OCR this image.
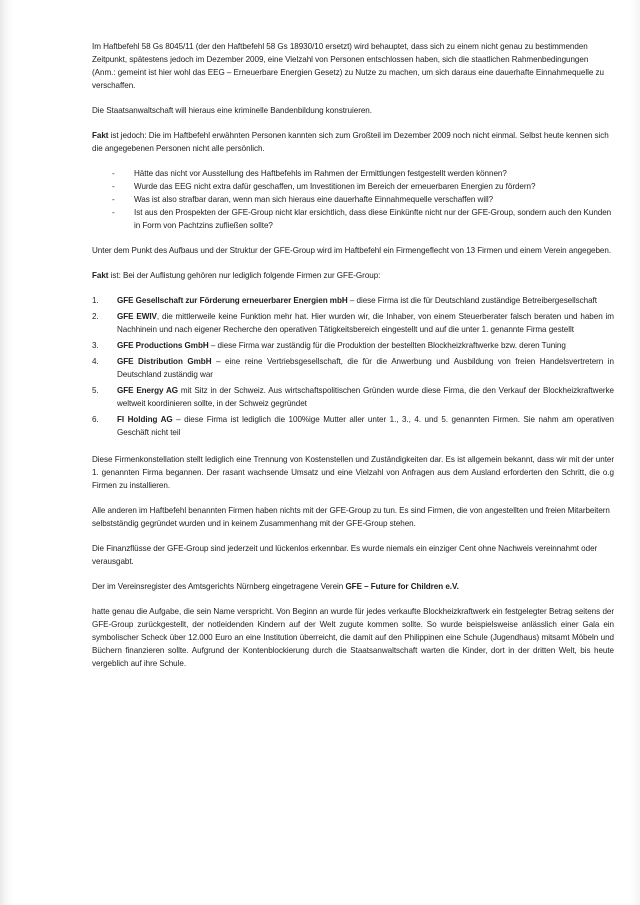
Im Haftbefehl 58 Gs 8045/11 (der den Haftbefehl 58 Gs 18930/10 ersetzt) wird behauptet, dass sich zu einem nicht genau zu bestimmenden Zeitpunkt, spätestens jedoch im Dezember 2009, eine Vielzahl von Personen entschlossen haben, sich die staatlichen Rahmenbedingungen (Anm.: gemeint ist hier wohl das EEG – Erneuerbare Energien Gesetz) zu Nutze zu machen, um sich daraus eine dauerhafte Einnahmequelle zu verschaffen.

Die Staatsanwaltschaft will hieraus eine kriminelle Bandenbildung konstruieren.

Fakt ist jedoch: Die im Haftbefehl erwähnten Personen kannten sich zum Großteil im Dezember 2009 noch nicht einmal. Selbst heute kennen sich die angegebenen Personen nicht alle persönlich.

- Hätte das nicht vor Ausstellung des Haftbefehls im Rahmen der Ermittlungen festgestellt werden können?
- Wurde das EEG nicht extra dafür geschaffen, um Investitionen im Bereich der erneuerbaren Energien zu fördern?
- Was ist also strafbar daran, wenn man sich hieraus eine dauerhafte Einnahmequelle verschaffen will?
- Ist aus den Prospekten der GFE-Group nicht klar ersichtlich, dass diese Einkünfte nicht nur der GFE-Group, sondern auch den Kunden in Form von Pachtzins zufließen sollte?

Unter dem Punkt des Aufbaus und der Struktur der GFE-Group wird im Haftbefehl ein Firmengeflecht von 13 Firmen und einem Verein angegeben.

Fakt ist: Bei der Auflistung gehören nur lediglich folgende Firmen zur GFE-Group:

1.	GFE Gesellschaft zur Förderung erneuerbarer Energien mbH – diese Firma ist die für Deutschland zuständige Betreibergesellschaft
2.	GFE EWIV, die mittlerweile keine Funktion mehr hat. Hier wurden wir, die Inhaber, von einem Steuerberater falsch beraten und haben im Nachhinein und nach eigener Recherche den operativen Tätigkeitsbereich eingestellt und auf die unter 1. genannte Firma gestellt
3.	GFE Productions GmbH – diese Firma war zuständig für die Produktion der bestellten Blockheizkraftwerke bzw. deren Tuning
4.	GFE Distribution GmbH – eine reine Vertriebsgesellschaft, die für die Anwerbung und Ausbildung von freien Handelsvertretern in Deutschland zuständig war
5.	GFE Energy AG mit Sitz in der Schweiz. Aus wirtschaftspolitischen Gründen wurde diese Firma, die den Verkauf der Blockheizkraftwerke weltweit koordinieren sollte, in der Schweiz gegründet
6.	FI Holding AG – diese Firma ist lediglich die 100%ige Mutter aller unter 1., 3., 4. und 5. genannten Firmen. Sie nahm am operativen Geschäft nicht teil

Diese Firmenkonstellation stellt lediglich eine Trennung von Kostenstellen und Zuständigkeiten dar. Es ist allgemein bekannt, dass wir mit der unter 1. genannten Firma begannen. Der rasant wachsende Umsatz und eine Vielzahl von Anfragen aus dem Ausland erforderten den Schritt, die o.g Firmen zu installieren.

Alle anderen im Haftbefehl benannten Firmen haben nichts mit der GFE-Group zu tun. Es sind Firmen, die von angestellten und freien Mitarbeitern selbstständig gegründet wurden und in keinem Zusammenhang mit der GFE-Group stehen.

Die Finanzflüsse der GFE-Group sind jederzeit und lückenlos erkennbar. Es wurde niemals ein einziger Cent ohne Nachweis vereinnahmt oder verausgabt.

Der im Vereinsregister des Amtsgerichts Nürnberg eingetragene Verein GFE – Future for Children e.V.

hatte genau die Aufgabe, die sein Name verspricht. Von Beginn an wurde für jedes verkaufte Blockheizkraftwerk ein festgelegter Betrag seitens der GFE-Group zurückgestellt, der notleidenden Kindern auf der Welt zugute kommen sollte. So wurde beispielsweise anlässlich einer Gala ein symbolischer Scheck über 12.000 Euro an eine Institution überreicht, die damit auf den Philippinen eine Schule (Jugendhaus) mitsamt Möbeln und Büchern finanzieren sollte. Aufgrund der Kontenblockierung durch die Staatsanwaltschaft warten die Kinder, dort in der dritten Welt, bis heute vergeblich auf ihre Schule.
